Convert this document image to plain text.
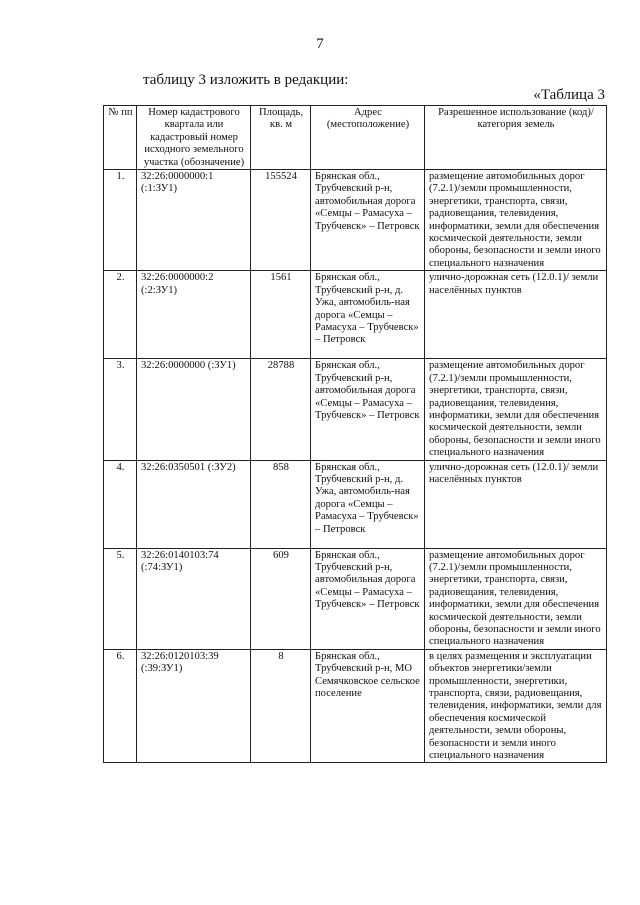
7
таблицу 3 изложить в редакции:
«Таблица 3
№ пп	Номер кадастрового квартала или кадастровый номер исходного земельного участка (обозначение)	Площадь, кв. м	Адрес (местоположение)	Разрешенное использование (код)/ категория земель
1.	32:26:0000000:1 (:1:ЗУ1)	155524	Брянская обл., Трубчевский р-н, автомобильная дорога «Семцы – Рамасуха – Трубчевск» – Петровск	размещение автомобильных дорог (7.2.1)/земли промышленности, энергетики, транспорта, связи, радиовещания, телевидения, информатики, земли для обеспечения космической деятельности, земли обороны, безопасности и земли иного специального назначения
2.	32:26:0000000:2 (:2:ЗУ1)	1561	Брянская обл., Трубчевский р-н, д. Ужа, автомобиль-ная дорога «Семцы – Рамасуха – Трубчевск» – Петровск	улично-дорожная сеть (12.0.1)/ земли населённых пунктов
3.	32:26:0000000 (:ЗУ1)	28788	Брянская обл., Трубчевский р-н, автомобильная дорога «Семцы – Рамасуха – Трубчевск» – Петровск	размещение автомобильных дорог (7.2.1)/земли промышленности, энергетики, транспорта, связи, радиовещания, телевидения, информатики, земли для обеспечения космической деятельности, земли обороны, безопасности и земли иного специального назначения
4.	32:26:0350501 (:ЗУ2)	858	Брянская обл., Трубчевский р-н, д. Ужа, автомобиль-ная дорога «Семцы – Рамасуха – Трубчевск» – Петровск	улично-дорожная сеть (12.0.1)/ земли населённых пунктов
5.	32:26:0140103:74 (:74:ЗУ1)	609	Брянская обл., Трубчевский р-н, автомобильная дорога «Семцы – Рамасуха – Трубчевск» – Петровск	размещение автомобильных дорог (7.2.1)/земли промышленности, энергетики, транспорта, связи, радиовещания, телевидения, информатики, земли для обеспечения космической деятельности, земли обороны, безопасности и земли иного специального назначения
6.	32:26:0120103:39 (:39:ЗУ1)	8	Брянская обл., Трубчевский р-н, МО Семячковское сельское поселение	в целях размещения и эксплуатации объектов энергетики/земли промышленности, энергетики, транспорта, связи, радиовещания, телевидения, информатики, земли для обеспечения космической деятельности, земли обороны, безопасности и земли иного специального назначения
